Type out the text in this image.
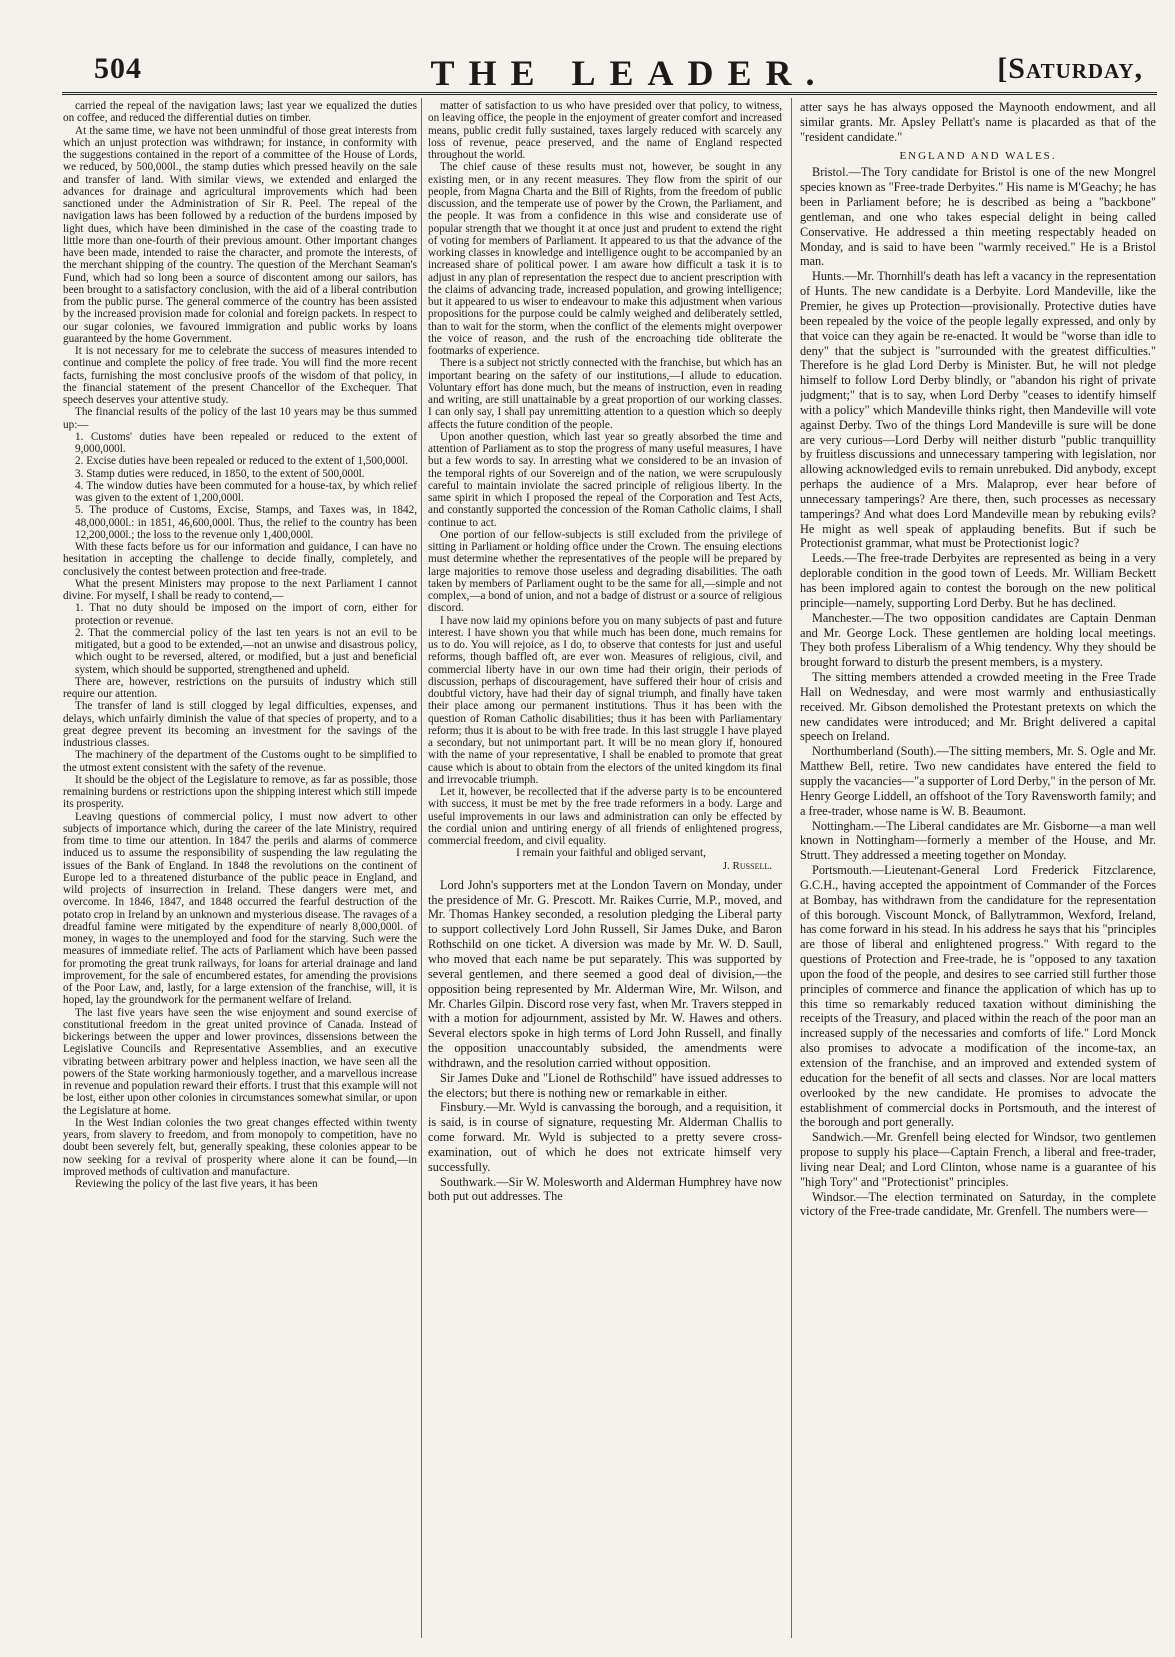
504	THE LEADER.	[Saturday,

carried the repeal of the navigation laws; last year we equalized the duties on coffee, and reduced the differential duties on timber.

At the same time, we have not been unmindful of those great interests from which an unjust protection was withdrawn; for instance, in conformity with the suggestions contained in the report of a committee of the House of Lords, we reduced, by 500,000l., the stamp duties which pressed heavily on the sale and transfer of land. With similar views, we extended and enlarged the advances for drainage and agricultural improvements which had been sanctioned under the Administration of Sir R. Peel. The repeal of the navigation laws has been followed by a reduction of the burdens imposed by light dues, which have been diminished in the case of the coasting trade to little more than one-fourth of their previous amount. Other important changes have been made, intended to raise the character, and promote the interests, of the merchant shipping of the country. The question of the Merchant Seaman's Fund, which had so long been a source of discontent among our sailors, has been brought to a satisfactory conclusion, with the aid of a liberal contribution from the public purse. The general commerce of the country has been assisted by the increased provision made for colonial and foreign packets. In respect to our sugar colonies, we favoured immigration and public works by loans guaranteed by the home Government.

It is not necessary for me to celebrate the success of measures intended to continue and complete the policy of free trade. You will find the more recent facts, furnishing the most conclusive proofs of the wisdom of that policy, in the financial statement of the present Chancellor of the Exchequer. That speech deserves your attentive study.

The financial results of the policy of the last 10 years may be thus summed up:—

1. Customs' duties have been repealed or reduced to the extent of 9,000,000l.

2. Excise duties have been repealed or reduced to the extent of 1,500,000l.

3. Stamp duties were reduced, in 1850, to the extent of 500,000l.

4. The window duties have been commuted for a house-tax, by which relief was given to the extent of 1,200,000l.

5. The produce of Customs, Excise, Stamps, and Taxes was, in 1842, 48,000,000l.: in 1851, 46,600,000l. Thus, the relief to the country has been 12,200,000l.; the loss to the revenue only 1,400,000l.

With these facts before us for our information and guidance, I can have no hesitation in accepting the challenge to decide finally, completely, and conclusively the contest between protection and free-trade.

What the present Ministers may propose to the next Parliament I cannot divine. For myself, I shall be ready to contend,—

1. That no duty should be imposed on the import of corn, either for protection or revenue.

2. That the commercial policy of the last ten years is not an evil to be mitigated, but a good to be extended,—not an unwise and disastrous policy, which ought to be reversed, altered, or modified, but a just and beneficial system, which should be supported, strengthened and upheld.

There are, however, restrictions on the pursuits of industry which still require our attention.

The transfer of land is still clogged by legal difficulties, expenses, and delays, which unfairly diminish the value of that species of property, and to a great degree prevent its becoming an investment for the savings of the industrious classes.

The machinery of the department of the Customs ought to be simplified to the utmost extent consistent with the safety of the revenue.

It should be the object of the Legislature to remove, as far as possible, those remaining burdens or restrictions upon the shipping interest which still impede its prosperity.

Leaving questions of commercial policy, I must now advert to other subjects of importance which, during the career of the late Ministry, required from time to time our attention. In 1847 the perils and alarms of commerce induced us to assume the responsibility of suspending the law regulating the issues of the Bank of England. In 1848 the revolutions on the continent of Europe led to a threatened disturbance of the public peace in England, and wild projects of insurrection in Ireland. These dangers were met, and overcome. In 1846, 1847, and 1848 occurred the fearful destruction of the potato crop in Ireland by an unknown and mysterious disease. The ravages of a dreadful famine were mitigated by the expenditure of nearly 8,000,000l. of money, in wages to the unemployed and food for the starving. Such were the measures of immediate relief. The acts of Parliament which have been passed for promoting the great trunk railways, for loans for arterial drainage and land improvement, for the sale of encumbered estates, for amending the provisions of the Poor Law, and, lastly, for a large extension of the franchise, will, it is hoped, lay the groundwork for the permanent welfare of Ireland.

The last five years have seen the wise enjoyment and sound exercise of constitutional freedom in the great united province of Canada. Instead of bickerings between the upper and lower provinces, dissensions between the Legislative Councils and Representative Assemblies, and an executive vibrating between arbitrary power and helpless inaction, we have seen all the powers of the State working harmoniously together, and a marvellous increase in revenue and population reward their efforts. I trust that this example will not be lost, either upon other colonies in circumstances somewhat similar, or upon the Legislature at home.

In the West Indian colonies the two great changes effected within twenty years, from slavery to freedom, and from monopoly to competition, have no doubt been severely felt, but, generally speaking, these colonies appear to be now seeking for a revival of prosperity where alone it can be found,—in improved methods of cultivation and manufacture.

Reviewing the policy of the last five years, it has been

matter of satisfaction to us who have presided over that policy, to witness, on leaving office, the people in the enjoyment of greater comfort and increased means, public credit fully sustained, taxes largely reduced with scarcely any loss of revenue, peace preserved, and the name of England respected throughout the world.

The chief cause of these results must not, however, be sought in any existing men, or in any recent measures. They flow from the spirit of our people, from Magna Charta and the Bill of Rights, from the freedom of public discussion, and the temperate use of power by the Crown, the Parliament, and the people. It was from a confidence in this wise and considerate use of popular strength that we thought it at once just and prudent to extend the right of voting for members of Parliament. It appeared to us that the advance of the working classes in knowledge and intelligence ought to be accompanied by an increased share of political power. I am aware how difficult a task it is to adjust in any plan of representation the respect due to ancient prescription with the claims of advancing trade, increased population, and growing intelligence; but it appeared to us wiser to endeavour to make this adjustment when various propositions for the purpose could be calmly weighed and deliberately settled, than to wait for the storm, when the conflict of the elements might overpower the voice of reason, and the rush of the encroaching tide obliterate the footmarks of experience.

There is a subject not strictly connected with the franchise, but which has an important bearing on the safety of our institutions,—I allude to education. Voluntary effort has done much, but the means of instruction, even in reading and writing, are still unattainable by a great proportion of our working classes. I can only say, I shall pay unremitting attention to a question which so deeply affects the future condition of the people.

Upon another question, which last year so greatly absorbed the time and attention of Parliament as to stop the progress of many useful measures, I have but a few words to say. In arresting what we considered to be an invasion of the temporal rights of our Sovereign and of the nation, we were scrupulously careful to maintain inviolate the sacred principle of religious liberty. In the same spirit in which I proposed the repeal of the Corporation and Test Acts, and constantly supported the concession of the Roman Catholic claims, I shall continue to act.

One portion of our fellow-subjects is still excluded from the privilege of sitting in Parliament or holding office under the Crown. The ensuing elections must determine whether the representatives of the people will be prepared by large majorities to remove those useless and degrading disabilities. The oath taken by members of Parliament ought to be the same for all,—simple and not complex,—a bond of union, and not a badge of distrust or a source of religious discord.

I have now laid my opinions before you on many subjects of past and future interest. I have shown you that while much has been done, much remains for us to do. You will rejoice, as I do, to observe that contests for just and useful reforms, though baffled oft, are ever won. Measures of religious, civil, and commercial liberty have in our own time had their origin, their periods of discussion, perhaps of discouragement, have suffered their hour of crisis and doubtful victory, have had their day of signal triumph, and finally have taken their place among our permanent institutions. Thus it has been with the question of Roman Catholic disabilities; thus it has been with Parliamentary reform; thus it is about to be with free trade. In this last struggle I have played a secondary, but not unimportant part. It will be no mean glory if, honoured with the name of your representative, I shall be enabled to promote that great cause which is about to obtain from the electors of the united kingdom its final and irrevocable triumph.

Let it, however, be recollected that if the adverse party is to be encountered with success, it must be met by the free trade reformers in a body. Large and useful improvements in our laws and administration can only be effected by the cordial union and untiring energy of all friends of enlightened progress, commercial freedom, and civil equality.

I remain your faithful and obliged servant,

J. Russell.

Lord John's supporters met at the London Tavern on Monday, under the presidence of Mr. G. Prescott. Mr. Raikes Currie, M.P., moved, and Mr. Thomas Hankey seconded, a resolution pledging the Liberal party to support collectively Lord John Russell, Sir James Duke, and Baron Rothschild on one ticket. A diversion was made by Mr. W. D. Saull, who moved that each name be put separately. This was supported by several gentlemen, and there seemed a good deal of division,—the opposition being represented by Mr. Alderman Wire, Mr. Wilson, and Mr. Charles Gilpin. Discord rose very fast, when Mr. Travers stepped in with a motion for adjournment, assisted by Mr. W. Hawes and others. Several electors spoke in high terms of Lord John Russell, and finally the opposition unaccountably subsided, the amendments were withdrawn, and the resolution carried without opposition.

Sir James Duke and "Lionel de Rothschild" have issued addresses to the electors; but there is nothing new or remarkable in either.

Finsbury.—Mr. Wyld is canvassing the borough, and a requisition, it is said, is in course of signature, requesting Mr. Alderman Challis to come forward. Mr. Wyld is subjected to a pretty severe cross-examination, out of which he does not extricate himself very successfully.

Southwark.—Sir W. Molesworth and Alderman Humphrey have now both put out addresses. The

atter says he has always opposed the Maynooth endowment, and all similar grants. Mr. Apsley Pellatt's name is placarded as that of the "resident candidate."

ENGLAND AND WALES.

Bristol.—The Tory candidate for Bristol is one of the new Mongrel species known as "Free-trade Derbyites." His name is M'Geachy; he has been in Parliament before; he is described as being a "backbone" gentleman, and one who takes especial delight in being called Conservative. He addressed a thin meeting respectably headed on Monday, and is said to have been "warmly received." He is a Bristol man.

Hunts.—Mr. Thornhill's death has left a vacancy in the representation of Hunts. The new candidate is a Derbyite. Lord Mandeville, like the Premier, he gives up Protection—provisionally. Protective duties have been repealed by the voice of the people legally expressed, and only by that voice can they again be re-enacted. It would be "worse than idle to deny" that the subject is "surrounded with the greatest difficulties." Therefore is he glad Lord Derby is Minister. But, he will not pledge himself to follow Lord Derby blindly, or "abandon his right of private judgment;" that is to say, when Lord Derby "ceases to identify himself with a policy" which Mandeville thinks right, then Mandeville will vote against Derby. Two of the things Lord Mandeville is sure will be done are very curious—Lord Derby will neither disturb "public tranquillity by fruitless discussions and unnecessary tampering with legislation, nor allowing acknowledged evils to remain unrebuked. Did anybody, except perhaps the audience of a Mrs. Malaprop, ever hear before of unnecessary tamperings? Are there, then, such processes as necessary tamperings? And what does Lord Mandeville mean by rebuking evils? He might as well speak of applauding benefits. But if such be Protectionist grammar, what must be Protectionist logic?

Leeds.—The free-trade Derbyites are represented as being in a very deplorable condition in the good town of Leeds. Mr. William Beckett has been implored again to contest the borough on the new political principle—namely, supporting Lord Derby. But he has declined.

Manchester.—The two opposition candidates are Captain Denman and Mr. George Lock. These gentlemen are holding local meetings. They both profess Liberalism of a Whig tendency. Why they should be brought forward to disturb the present members, is a mystery.

The sitting members attended a crowded meeting in the Free Trade Hall on Wednesday, and were most warmly and enthusiastically received. Mr. Gibson demolished the Protestant pretexts on which the new candidates were introduced; and Mr. Bright delivered a capital speech on Ireland.

Northumberland (South).—The sitting members, Mr. S. Ogle and Mr. Matthew Bell, retire. Two new candidates have entered the field to supply the vacancies—"a supporter of Lord Derby," in the person of Mr. Henry George Liddell, an offshoot of the Tory Ravensworth family; and a free-trader, whose name is W. B. Beaumont.

Nottingham.—The Liberal candidates are Mr. Gisborne—a man well known in Nottingham—formerly a member of the House, and Mr. Strutt. They addressed a meeting together on Monday.

Portsmouth.—Lieutenant-General Lord Frederick Fitzclarence, G.C.H., having accepted the appointment of Commander of the Forces at Bombay, has withdrawn from the candidature for the representation of this borough. Viscount Monck, of Ballytrammon, Wexford, Ireland, has come forward in his stead. In his address he says that his "principles are those of liberal and enlightened progress." With regard to the questions of Protection and Free-trade, he is "opposed to any taxation upon the food of the people, and desires to see carried still further those principles of commerce and finance the application of which has up to this time so remarkably reduced taxation without diminishing the receipts of the Treasury, and placed within the reach of the poor man an increased supply of the necessaries and comforts of life." Lord Monck also promises to advocate a modification of the income-tax, an extension of the franchise, and an improved and extended system of education for the benefit of all sects and classes. Nor are local matters overlooked by the new candidate. He promises to advocate the establishment of commercial docks in Portsmouth, and the interest of the borough and port generally.

Sandwich.—Mr. Grenfell being elected for Windsor, two gentlemen propose to supply his place—Captain French, a liberal and free-trader, living near Deal; and Lord Clinton, whose name is a guarantee of his "high Tory" and "Protectionist" principles.

Windsor.—The election terminated on Saturday, in the complete victory of the Free-trade candidate, Mr. Grenfell. The numbers were—
